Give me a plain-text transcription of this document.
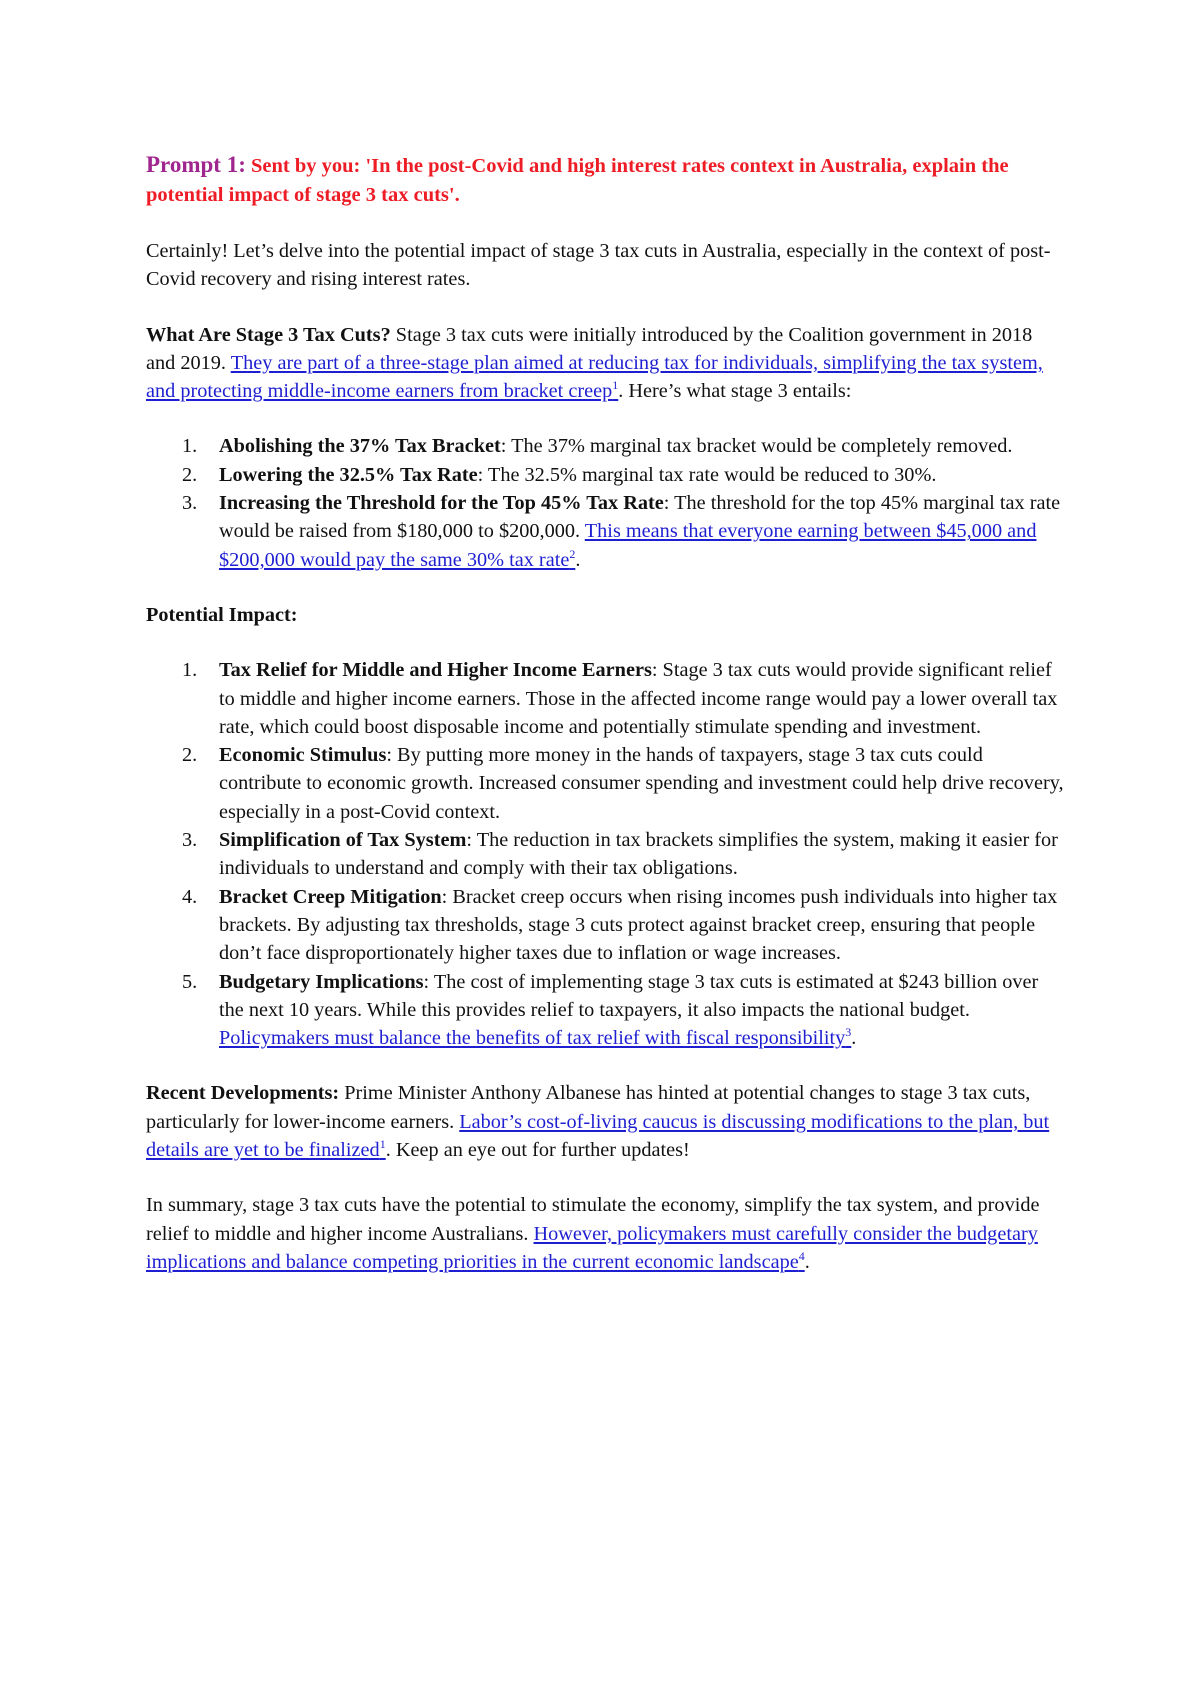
Prompt 1: Sent by you: 'In the post-Covid and high interest rates context in Australia, explain the potential impact of stage 3 tax cuts'.

Certainly! Let’s delve into the potential impact of stage 3 tax cuts in Australia, especially in the context of post-Covid recovery and rising interest rates.

What Are Stage 3 Tax Cuts? Stage 3 tax cuts were initially introduced by the Coalition government in 2018 and 2019. They are part of a three-stage plan aimed at reducing tax for individuals, simplifying the tax system, and protecting middle-income earners from bracket creep$^1$. Here’s what stage 3 entails:

1. Abolishing the 37% Tax Bracket: The 37% marginal tax bracket would be completely removed.
2. Lowering the 32.5% Tax Rate: The 32.5% marginal tax rate would be reduced to 30%.
3. Increasing the Threshold for the Top 45% Tax Rate: The threshold for the top 45% marginal tax rate would be raised from $180,000 to $200,000. This means that everyone earning between $45,000 and $200,000 would pay the same 30% tax rate$^2$.

Potential Impact:

1. Tax Relief for Middle and Higher Income Earners: Stage 3 tax cuts would provide significant relief to middle and higher income earners. Those in the affected income range would pay a lower overall tax rate, which could boost disposable income and potentially stimulate spending and investment.
2. Economic Stimulus: By putting more money in the hands of taxpayers, stage 3 tax cuts could contribute to economic growth. Increased consumer spending and investment could help drive recovery, especially in a post-Covid context.
3. Simplification of Tax System: The reduction in tax brackets simplifies the system, making it easier for individuals to understand and comply with their tax obligations.
4. Bracket Creep Mitigation: Bracket creep occurs when rising incomes push individuals into higher tax brackets. By adjusting tax thresholds, stage 3 cuts protect against bracket creep, ensuring that people don’t face disproportionately higher taxes due to inflation or wage increases.
5. Budgetary Implications: The cost of implementing stage 3 tax cuts is estimated at $243 billion over the next 10 years. While this provides relief to taxpayers, it also impacts the national budget. Policymakers must balance the benefits of tax relief with fiscal responsibility$^3$.

Recent Developments: Prime Minister Anthony Albanese has hinted at potential changes to stage 3 tax cuts, particularly for lower-income earners. Labor’s cost-of-living caucus is discussing modifications to the plan, but details are yet to be finalized$^1$. Keep an eye out for further updates!

In summary, stage 3 tax cuts have the potential to stimulate the economy, simplify the tax system, and provide relief to middle and higher income Australians. However, policymakers must carefully consider the budgetary implications and balance competing priorities in the current economic landscape$^4$.
